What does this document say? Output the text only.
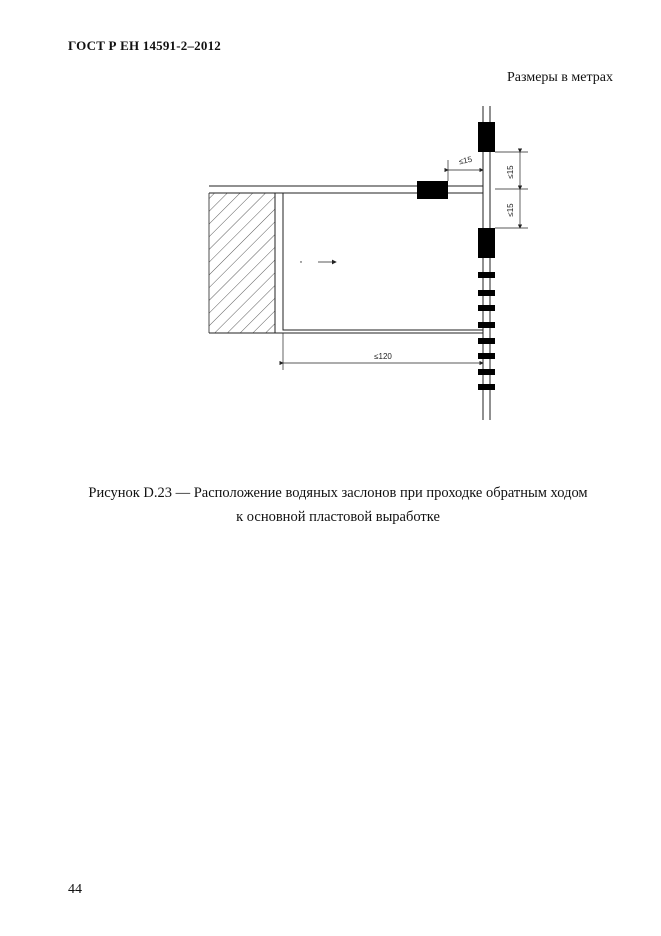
ГОСТ Р ЕН 14591-2–2012
Размеры в метрах
≤15
≤15
≤15
≤120
Рисунок D.23 — Расположение водяных заслонов при проходке обратным ходом
к основной пластовой выработке
44
